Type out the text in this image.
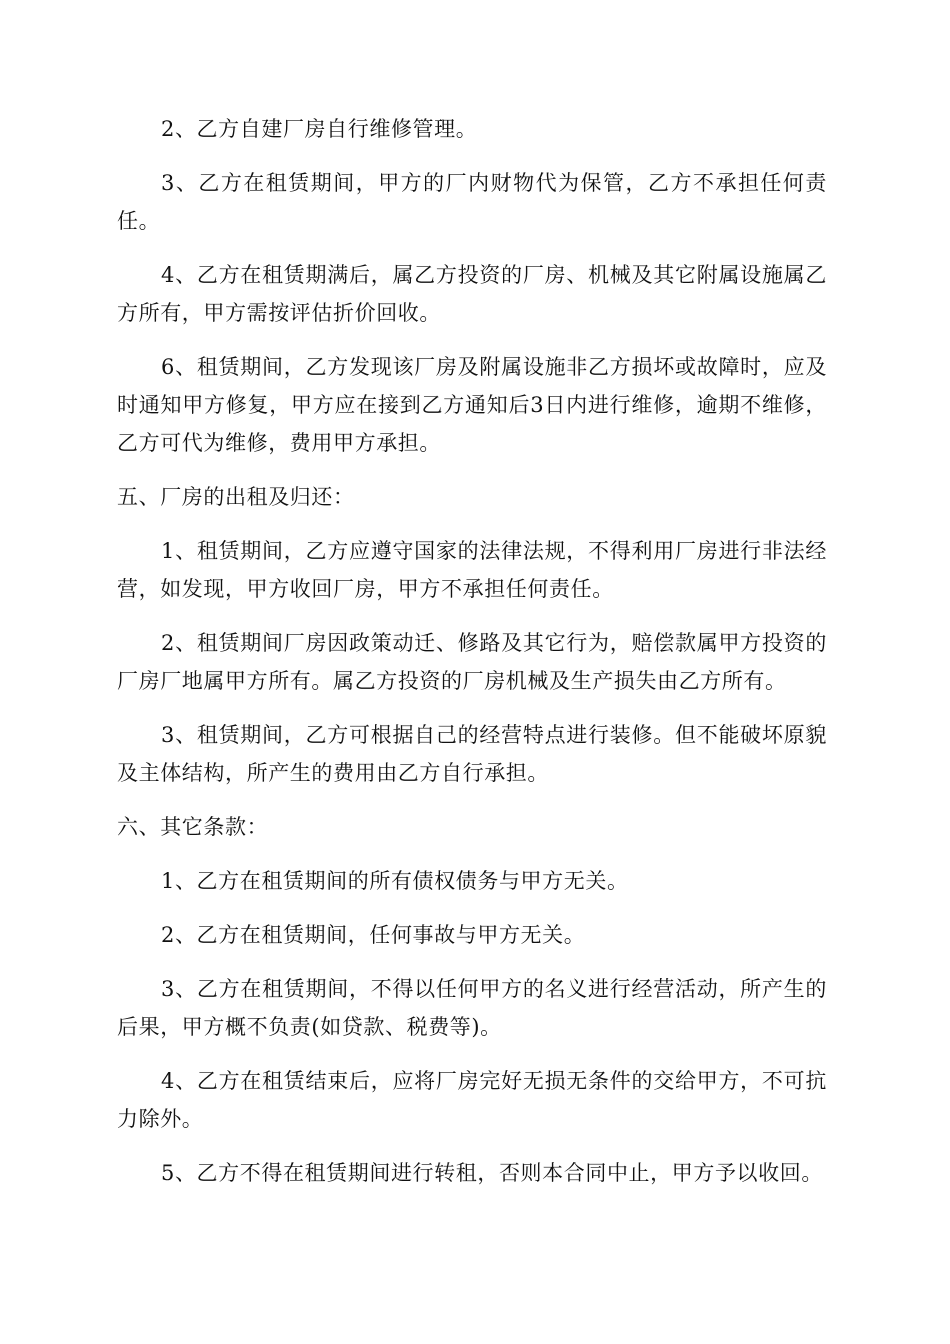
2、乙方自建厂房自行维修管理。

3、乙方在租赁期间，甲方的厂内财物代为保管，乙方不承担任何责任。

4、乙方在租赁期满后，属乙方投资的厂房、机械及其它附属设施属乙方所有，甲方需按评估折价回收。

6、租赁期间，乙方发现该厂房及附属设施非乙方损坏或故障时，应及时通知甲方修复，甲方应在接到乙方通知后3日内进行维修，逾期不维修，乙方可代为维修，费用甲方承担。

五、厂房的出租及归还：

1、租赁期间，乙方应遵守国家的法律法规，不得利用厂房进行非法经营，如发现，甲方收回厂房，甲方不承担任何责任。

2、租赁期间厂房因政策动迁、修路及其它行为，赔偿款属甲方投资的厂房厂地属甲方所有。属乙方投资的厂房机械及生产损失由乙方所有。

3、租赁期间，乙方可根据自己的经营特点进行装修。但不能破坏原貌及主体结构，所产生的费用由乙方自行承担。

六、其它条款：

1、乙方在租赁期间的所有债权债务与甲方无关。

2、乙方在租赁期间，任何事故与甲方无关。

3、乙方在租赁期间，不得以任何甲方的名义进行经营活动，所产生的后果，甲方概不负责(如贷款、税费等)。

4、乙方在租赁结束后，应将厂房完好无损无条件的交给甲方，不可抗力除外。

5、乙方不得在租赁期间进行转租，否则本合同中止，甲方予以收回。
